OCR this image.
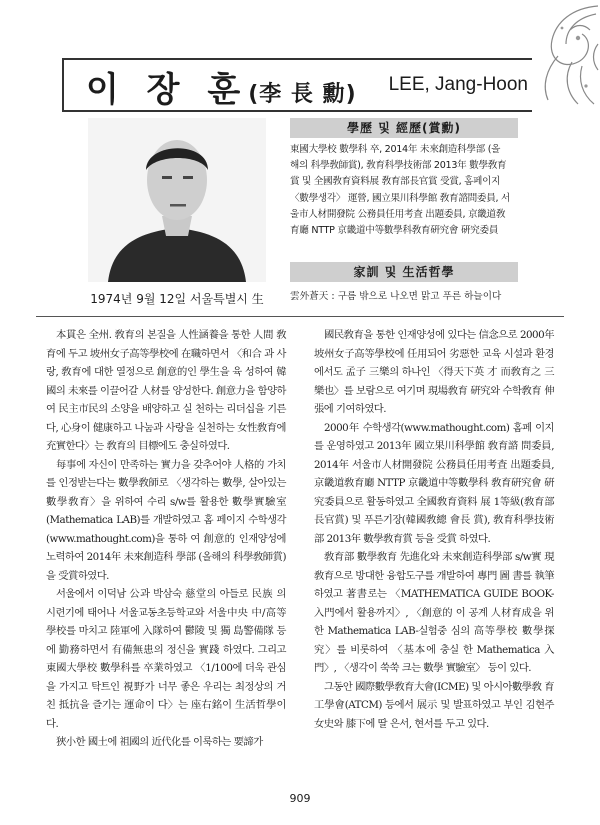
이 장 훈(李 長 勳) LEE, Jang-Hoon
1974년 9월 12일 서울특별시 生
學歷 및 經歷(賞勳)
東國大學校 數學科 卒, 2014年 未來創造科學部 (올
해의 科學敎師賞), 敎育科學技術部 2013年 數學敎育
賞 및 全國敎育資料展 敎育部長官賞 受賞, 홈페이지
〈數學생각〉 運營, 國立果川科學館 敎育諮問委員, 서
울市人材開發院 公務員任用考査 出題委員, 京畿道敎
育廳 NTTP 京畿道中等數學科敎育硏究會 硏究委員
家訓 및 生活哲學
雲外蒼天 : 구름 밖으로 나오면 맑고 푸른 하늘이다

本貫은 全州. 敎育의 본질을 人性涵養을 통한 人間 敎育에 두고 坡州女子高等學校에 在職하면서 〈和合 과 사랑, 敎育에 대한 열정으로 創意的인 學生을 육 성하여 韓國의 未來를 이끌어갈 人材를 양성한다. 創意力을 함양하여 民主市民의 소양을 배양하고 실 천하는 리더십을 기른다, 心身이 健康하고 나눔과 사랑을 실천하는 女性敎育에 充實한다〉는 敎育의 目標에도 충실하였다.

每事에 자신이 만족하는 實力을 갖추어야 人格的 가치를 인정받는다는 數學敎師로 〈생각하는 數學, 살아있는 數學敎育〉을 위하여 수리 s/w를 활용한 數學實驗室(Mathematica LAB)를 개발하였고 홈 페이지 수학생각(www.mathought.com)을 통하 여 創意的 인재양성에 노력하여 2014年 未來創造科 學部 (올해의 科學敎師賞)을 受賞하였다.

서울에서 이덕남 公과 박삼숙 慈堂의 아들로 民族 의 시련기에 태어나 서울교동초등학교와 서울中央 中/高等學校를 마치고 陸軍에 入隊하여 鬱陵 및 獨 島警備隊 등에 勤務하면서 有備無患의 정신을 實踐 하였다. 그리고 東國大學校 數學科를 卒業하였고 〈1/100에 더욱 관심을 가지고 탁트인 視野가 너무 좋은 우리는 최정상의 거친 抵抗을 즐기는 運命이 다〉는 座右銘이 生活哲學이다.

狹小한 國土에 祖國의 近代化를 이룩하는 要諦가

國民敎育을 통한 인재양성에 있다는 信念으로 2000年 坡州女子高等學校에 任用되어 劣惡한 교육 시설과 환경에서도 孟子 三樂의 하나인 〈得天下英 才 而敎育之 三樂也〉를 보람으로 여기며 現場敎育 硏究와 수학敎育 伸張에 기여하였다.

2000年 수학생각(www.mathought.com) 홈페 이지를 운영하였고 2013年 國立果川科學館 敎育諮 問委員, 2014年 서울市人材開發院 公務員任用考査 出題委員, 京畿道敎育廳 NTTP 京畿道中等數學科 敎育硏究會 硏究委員으로 활동하였고 全國敎育資料 展 1等級(敎育部長官賞) 및 푸른기장(韓國敎總 會長 賞), 敎育科學技術部 2013年 數學敎育賞 등을 受賞 하였다.

敎育部 數學敎育 先進化와 未來創造科學部 s/w實 現 敎育으로 방대한 융합도구를 개발하여 專門 圖 書를 執筆하였고 著書로는 〈MATHEMATICA GUIDE BOOK-入門에서 활용까지〉, 〈創意的 이 공계 人材育成을 위한 Mathematica LAB-실험중 심의 高等學校 數學探究〉를 비롯하여 〈基本에 충실 한 Mathematica 入門〉, 〈생각이 쑥쑥 크는 數學 實驗室〉 등이 있다.

그동안 國際數學敎育大會(ICME) 및 아시아數學敎 育工學會(ATCM) 등에서 展示 및 발표하였고 부인 김현주 女史와 膝下에 딸 은서, 현서를 두고 있다.

909
